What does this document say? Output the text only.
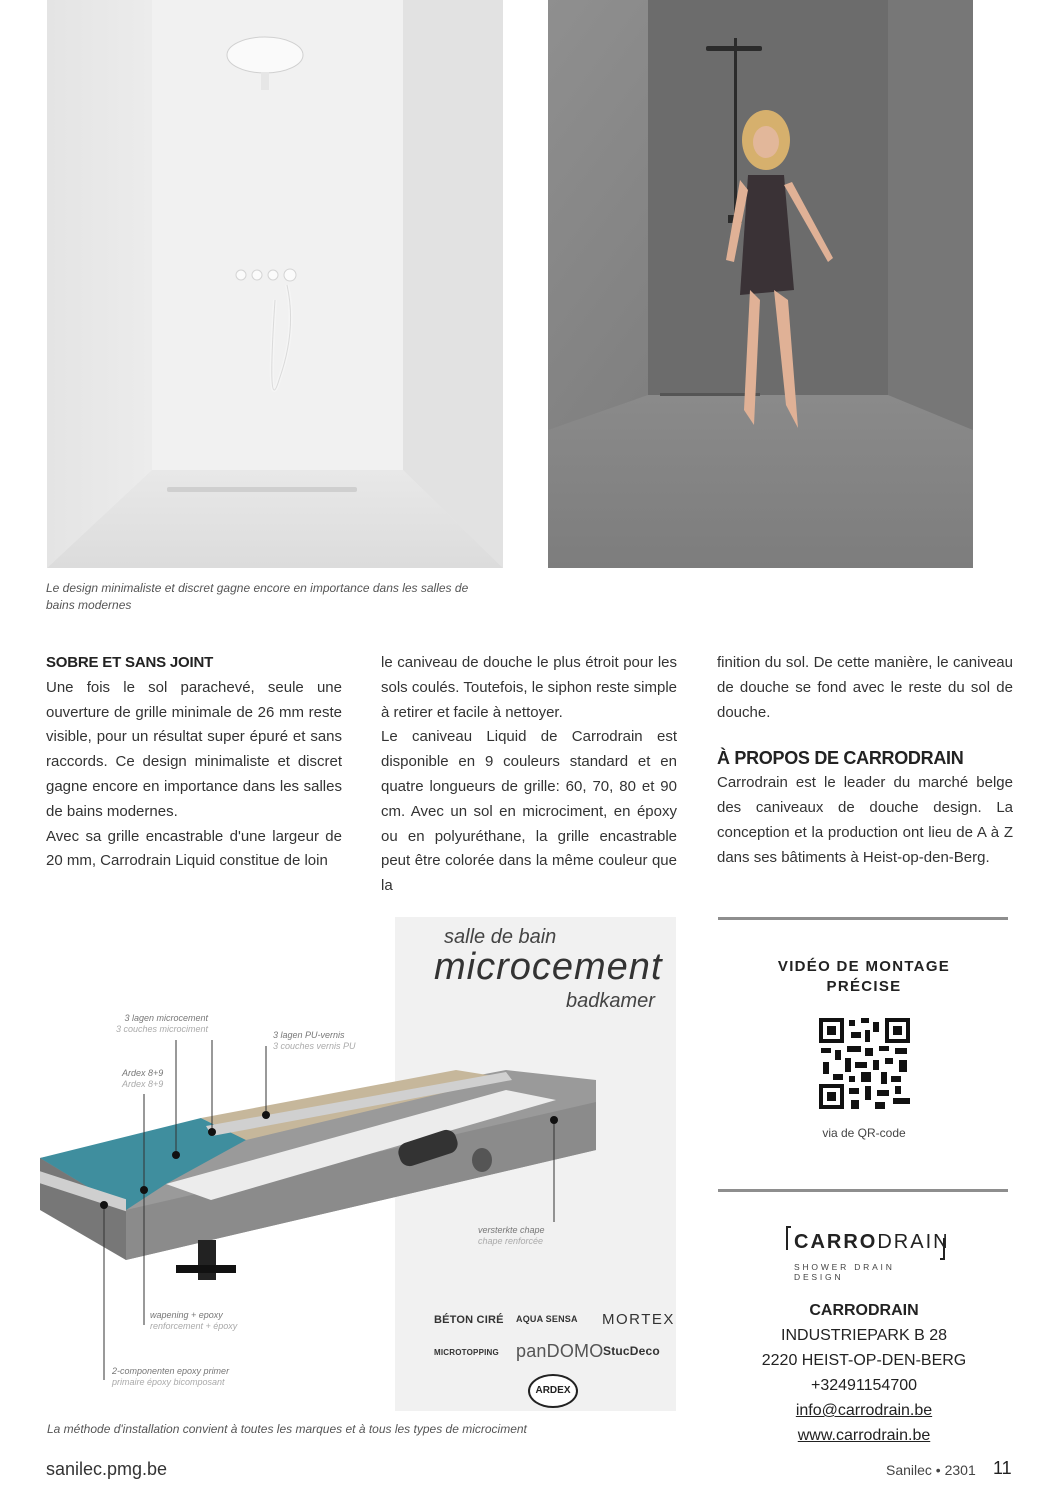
Le design minimaliste et discret gagne encore en importance dans les salles de bains modernes
SOBRE ET SANS JOINT

Une fois le sol parachevé, seule une ouverture de grille minimale de 26 mm reste visible, pour un résultat super épuré et sans raccords. Ce design minimaliste et discret gagne encore en importance dans les salles de bains modernes.

Avec sa grille encastrable d'une largeur de 20 mm, Carrodrain Liquid constitue de loin

le caniveau de douche le plus étroit pour les sols coulés. Toutefois, le siphon reste simple à retirer et facile à nettoyer.

Le caniveau Liquid de Carrodrain est disponible en 9 couleurs standard et en quatre longueurs de grille: 60, 70, 80 et 90 cm. Avec un sol en microciment, en époxy ou en polyuréthane, la grille encastrable peut être colorée dans la même couleur que la

finition du sol. De cette manière, le caniveau de douche se fond avec le reste du sol de douche.

À PROPOS DE CARRODRAIN

Carrodrain est le leader du marché belge des caniveaux de douche design. La conception et la production ont lieu de A à Z dans ses bâtiments à Heist-op-den-Berg.

salle de bain
microcement
badkamer
3 lagen microcement
3 couches microciment
3 lagen PU-vernis
3 couches vernis PU
Ardex 8+9
Ardex 8+9
versterkte chape
chape renforcée
wapening + epoxy
renforcement + époxy
2-componenten epoxy primer
primaire époxy bicomposant
BÉTON CIRÉ AQUA SENSA MORTEX
MICROTOPPING panDOMO StucDeco
ARDEX
La méthode d'installation convient à toutes les marques et à tous les types de microciment
VIDÉO DE MONTAGE PRÉCISE
via de QR-code
CARRODRAIN
SHOWER DRAIN DESIGN
CARRODRAIN
INDUSTRIEPARK B 28
2220 HEIST-OP-DEN-BERG
+32491154700
info@carrodrain.be
www.carrodrain.be
sanilec.pmg.be	Sanilec • 2301 11
